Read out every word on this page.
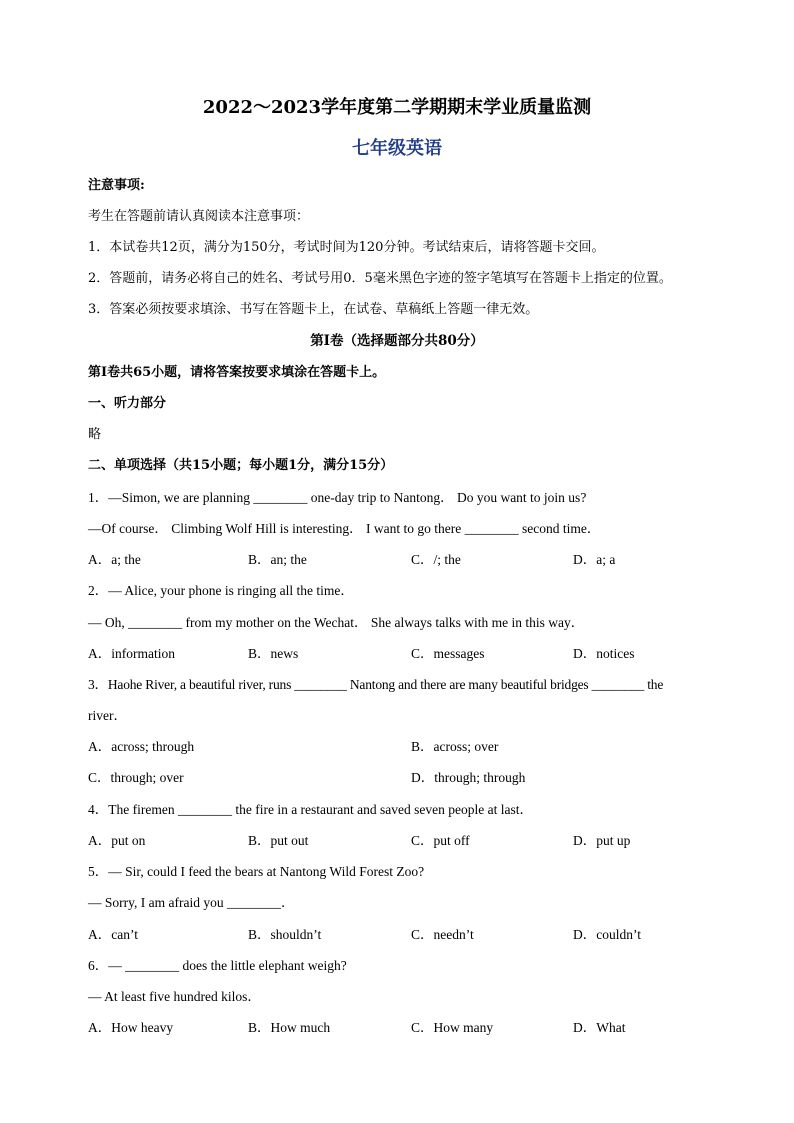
2022～2023学年度第二学期期末学业质量监测
七年级英语
注意事项:
考生在答题前请认真阅读本注意事项：
1．本试卷共12页，满分为150分，考试时间为120分钟。考试结束后，请将答题卡交回。
2．答题前，请务必将自己的姓名、考试号用0．5毫米黑色字迹的签字笔填写在答题卡上指定的位置。
3．答案必须按要求填涂、书写在答题卡上，在试卷、草稿纸上答题一律无效。
第Ⅰ卷（选择题部分共80分）
第Ⅰ卷共65小题，请将答案按要求填涂在答题卡上。
一、听力部分
略
二、单项选择（共15小题；每小题1分，满分15分）
1．—Simon, we are planning ________ one-day trip to Nantong． Do you want to join us?
—Of course． Climbing Wolf Hill is interesting． I want to go there ________ second time．
A．a; the	B．an; the	C．/; the	D．a; a
2．— Alice, your phone is ringing all the time．
— Oh, ________ from my mother on the Wechat． She always talks with me in this way．
A．information	B．news	C．messages	D．notices
3．Haohe River, a beautiful river, runs ________ Nantong and there are many beautiful bridges ________ the
river．
A．across; through	B．across; over
C．through; over	D．through; through
4．The firemen ________ the fire in a restaurant and saved seven people at last．
A．put on	B．put out	C．put off	D．put up
5．— Sir, could I feed the bears at Nantong Wild Forest Zoo?
— Sorry, I am afraid you ________．
A．can’t	B．shouldn’t	C．needn’t	D．couldn’t
6．— ________ does the little elephant weigh?
— At least five hundred kilos．
A．How heavy	B．How much	C．How many	D．What
